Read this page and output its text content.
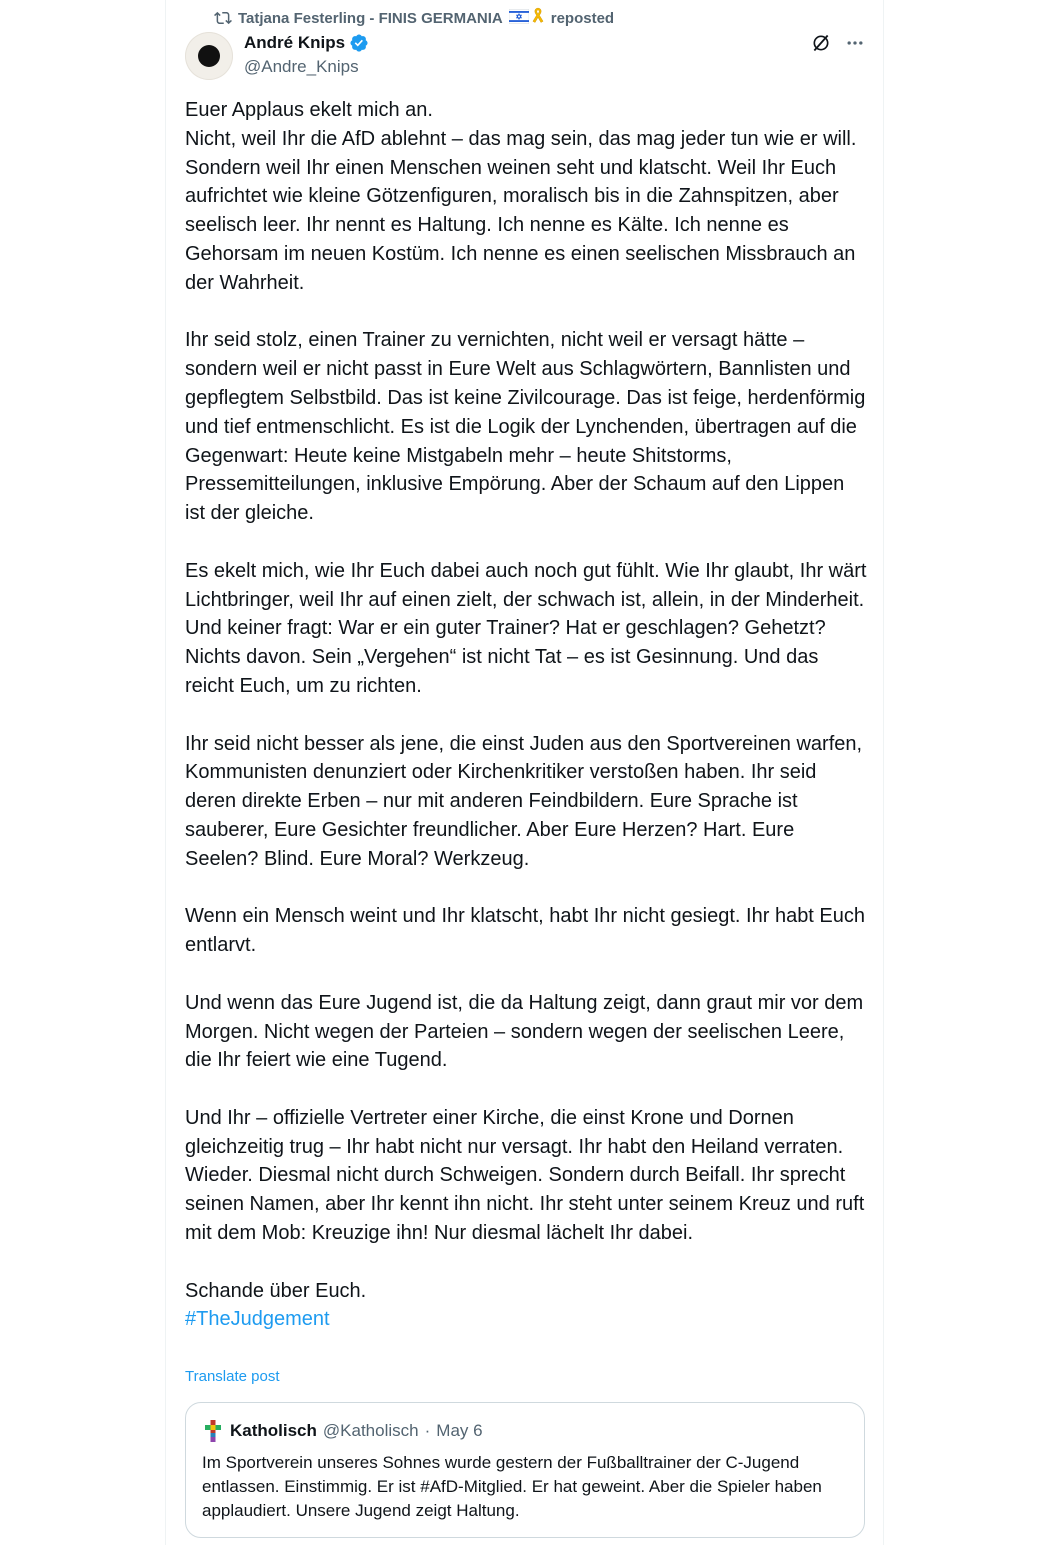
Tatjana Festerling - FINIS GERMANIA	reposted
André Knips
@Andre_Knips

Euer Applaus ekelt mich an.
Nicht, weil Ihr die AfD ablehnt – das mag sein, das mag jeder tun wie er will. Sondern weil Ihr einen Menschen weinen seht und klatscht. Weil Ihr Euch aufrichtet wie kleine Götzenfiguren, moralisch bis in die Zahnspitzen, aber seelisch leer. Ihr nennt es Haltung. Ich nenne es Kälte. Ich nenne es Gehorsam im neuen Kostüm. Ich nenne es einen seelischen Missbrauch an der Wahrheit.

Ihr seid stolz, einen Trainer zu vernichten, nicht weil er versagt hätte – sondern weil er nicht passt in Eure Welt aus Schlagwörtern, Bannlisten und gepflegtem Selbstbild. Das ist keine Zivilcourage. Das ist feige, herdenförmig und tief entmenschlicht. Es ist die Logik der Lynchenden, übertragen auf die Gegenwart: Heute keine Mistgabeln mehr – heute Shitstorms, Pressemitteilungen, inklusive Empörung. Aber der Schaum auf den Lippen ist der gleiche.

Es ekelt mich, wie Ihr Euch dabei auch noch gut fühlt. Wie Ihr glaubt, Ihr wärt Lichtbringer, weil Ihr auf einen zielt, der schwach ist, allein, in der Minderheit. Und keiner fragt: War er ein guter Trainer? Hat er geschlagen? Gehetzt? Nichts davon. Sein „Vergehen“ ist nicht Tat – es ist Gesinnung. Und das reicht Euch, um zu richten.

Ihr seid nicht besser als jene, die einst Juden aus den Sportvereinen warfen, Kommunisten denunziert oder Kirchenkritiker verstoßen haben. Ihr seid deren direkte Erben – nur mit anderen Feindbildern. Eure Sprache ist sauberer, Eure Gesichter freundlicher. Aber Eure Herzen? Hart. Eure Seelen? Blind. Eure Moral? Werkzeug.

Wenn ein Mensch weint und Ihr klatscht, habt Ihr nicht gesiegt. Ihr habt Euch entlarvt.

Und wenn das Eure Jugend ist, die da Haltung zeigt, dann graut mir vor dem Morgen. Nicht wegen der Parteien – sondern wegen der seelischen Leere, die Ihr feiert wie eine Tugend.

Und Ihr – offizielle Vertreter einer Kirche, die einst Krone und Dornen gleichzeitig trug – Ihr habt nicht nur versagt. Ihr habt den Heiland verraten. Wieder. Diesmal nicht durch Schweigen. Sondern durch Beifall. Ihr sprecht seinen Namen, aber Ihr kennt ihn nicht. Ihr steht unter seinem Kreuz und ruft mit dem Mob: Kreuzige ihn! Nur diesmal lächelt Ihr dabei.

Schande über Euch.
#TheJudgement

Translate post
Katholisch @Katholisch · May 6
Im Sportverein unseres Sohnes wurde gestern der Fußballtrainer der C-Jugend entlassen. Einstimmig. Er ist #AfD-Mitglied. Er hat geweint. Aber die Spieler haben applaudiert. Unsere Jugend zeigt Haltung.
